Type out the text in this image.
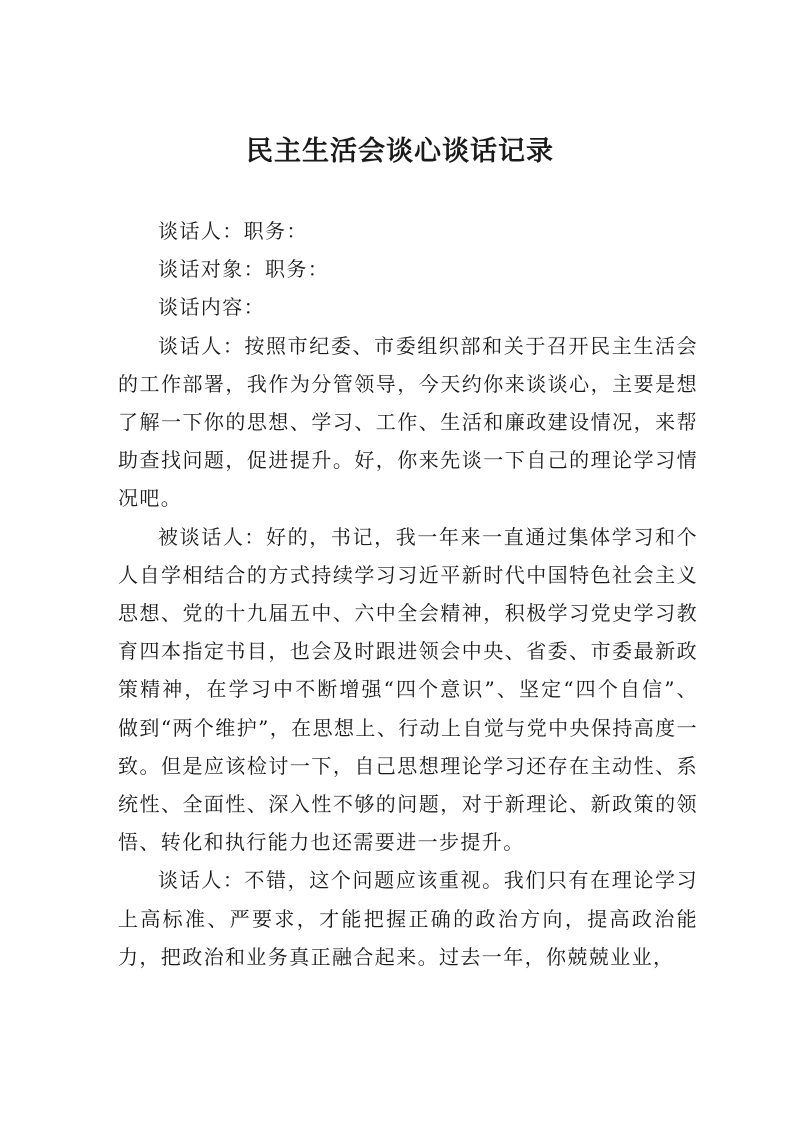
民主生活会谈心谈话记录

谈话人：职务：

谈话对象：职务：

谈话内容：

谈话人：按照市纪委、市委组织部和关于召开民主生活会的工作部署，我作为分管领导，今天约你来谈谈心，主要是想了解一下你的思想、学习、工作、生活和廉政建设情况，来帮助查找问题，促进提升。好，你来先谈一下自己的理论学习情况吧。

被谈话人：好的，书记，我一年来一直通过集体学习和个人自学相结合的方式持续学习习近平新时代中国特色社会主义思想、党的十九届五中、六中全会精神，积极学习党史学习教育四本指定书目，也会及时跟进领会中央、省委、市委最新政策精神，在学习中不断增强“四个意识”、坚定“四个自信”、做到“两个维护”，在思想上、行动上自觉与党中央保持高度一致。但是应该检讨一下，自己思想理论学习还存在主动性、系统性、全面性、深入性不够的问题，对于新理论、新政策的领悟、转化和执行能力也还需要进一步提升。

谈话人：不错，这个问题应该重视。我们只有在理论学习上高标准、严要求，才能把握正确的政治方向，提高政治能力，把政治和业务真正融合起来。过去一年，你兢兢业业，
